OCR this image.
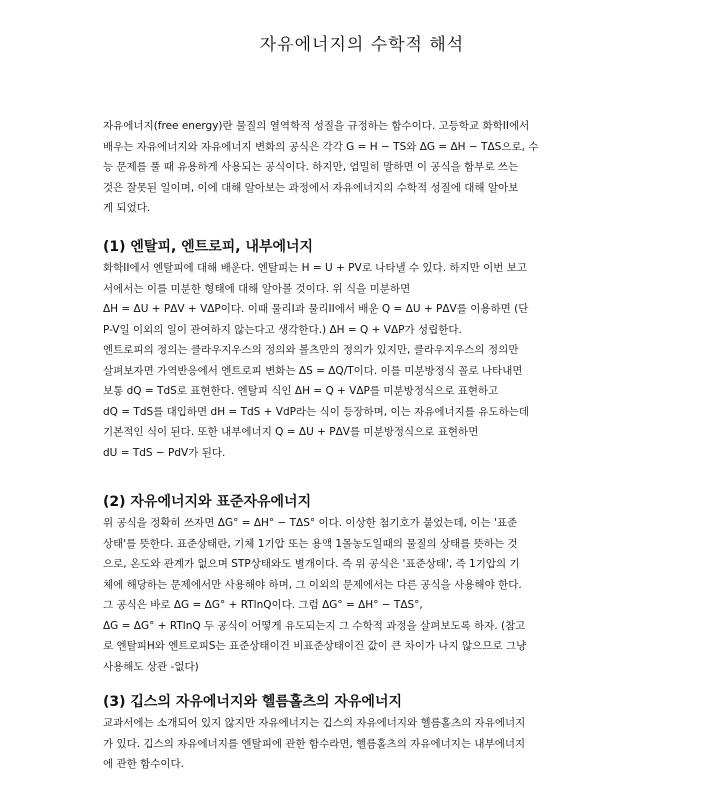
자유에너지의 수학적 해석
자유에너지(free energy)란 물질의 열역학적 성질을 규정하는 함수이다. 고등학교 화학II에서
배우는 자유에너지와 자유에너지 변화의 공식은 각각 G = H − TS와 ΔG = ΔH − TΔS으로, 수
능 문제를 풀 때 유용하게 사용되는 공식이다. 하지만, 엄밀히 말하면 이 공식을 함부로 쓰는
것은 잘못된 일이며, 이에 대해 알아보는 과정에서 자유에너지의 수학적 성질에 대해 알아보
게 되었다.
(1) 엔탈피, 엔트로피, 내부에너지
화학II에서 엔탈피에 대해 배운다. 엔탈피는 H = U + PV로 나타낼 수 있다. 하지만 이번 보고
서에서는 이를 미분한 형태에 대해 알아볼 것이다. 위 식을 미분하면
ΔH = ΔU + PΔV + VΔP이다. 이때 물리I과 물리II에서 배운 Q = ΔU + PΔV를 이용하면 (단
P-V일 이외의 일이 관여하지 않는다고 생각한다.) ΔH = Q + VΔP가 성립한다.
엔트로피의 정의는 클라우지우스의 정의와 볼츠만의 정의가 있지만, 클라우지우스의 정의만
살펴보자면 가역반응에서 엔트로피 변화는 ΔS = ΔQ/T이다. 이를 미분방정식 꼴로 나타내면
보통 dQ = TdS로 표현한다. 엔탈피 식인 ΔH = Q + VΔP를 미분방정식으로 표현하고
dQ = TdS를 대입하면 dH = TdS + VdP라는 식이 등장하며, 이는 자유에너지를 유도하는데
기본적인 식이 된다. 또한 내부에너지 Q = ΔU + PΔV를 미분방정식으로 표현하면
dU = TdS − PdV가 된다.
(2) 자유에너지와 표준자유에너지
위 공식을 정확히 쓰자면 ΔG° = ΔH° − TΔS° 이다. 이상한 첨기호가 붙었는데, 이는 '표준
상태'를 뜻한다. 표준상태란, 기체 1기압 또는 용액 1몰농도일때의 물질의 상태를 뜻하는 것
으로, 온도와 관계가 없으며 STP상태와도 별개이다. 즉 위 공식은 '표준상태', 즉 1기압의 기
체에 해당하는 문제에서만 사용해야 하며, 그 이외의 문제에서는 다른 공식을 사용해야 한다.
그 공식은 바로 ΔG = ΔG° + RTlnQ이다. 그럼 ΔG° = ΔH° − TΔS°,
ΔG = ΔG° + RTlnQ 두 공식이 어떻게 유도되는지 그 수학적 과정을 살펴보도록 하자. (참고
로 엔탈피H와 엔트로피S는 표준상태이건 비표준상태이건 값이 큰 차이가 나지 않으므로 그냥
사용해도 상관 -없다)
(3) 깁스의 자유에너지와 헬름홀츠의 자유에너지
교과서에는 소개되어 있지 않지만 자유에너지는 깁스의 자유에너지와 헬름홀츠의 자유에너지
가 있다. 깁스의 자유에너지를 엔탈피에 관한 함수라면, 헬름홀츠의 자유에너지는 내부에너지
에 관한 함수이다.
